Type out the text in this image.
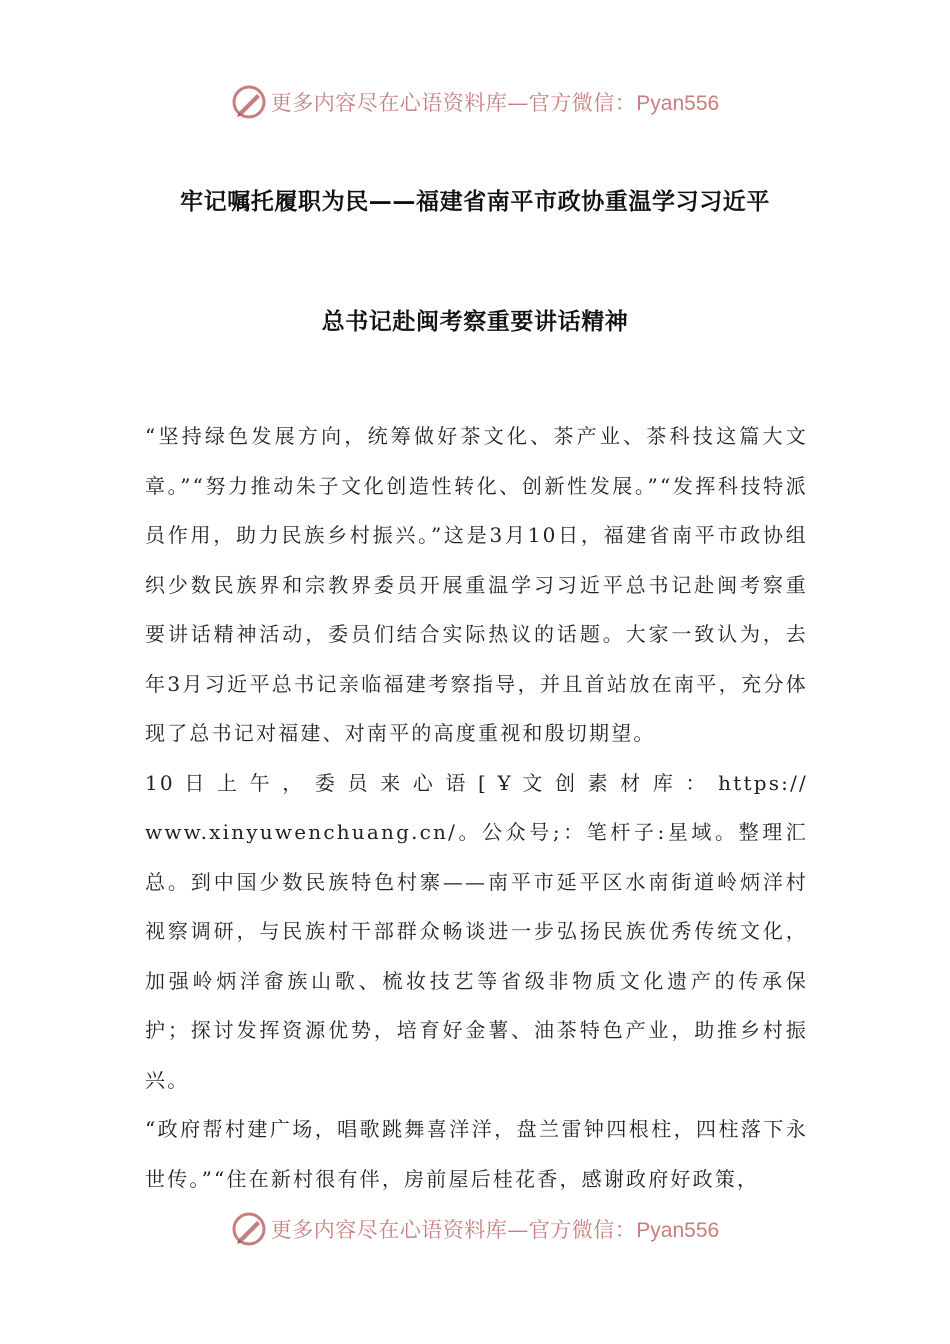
更多内容尽在心语资料库—官方微信：Pyan556
牢记嘱托履职为民——福建省南平市政协重温学习习近平
总书记赴闽考察重要讲话精神

“坚持绿色发展方向，统筹做好茶文化、茶产业、茶科技这篇大文章。”“努力推动朱子文化创造性转化、创新性发展。”“发挥科技特派员作用，助力民族乡村振兴。”这是3月10日，福建省南平市政协组织少数民族界和宗教界委员开展重温学习习近平总书记赴闽考察重要讲话精神活动，委员们结合实际热议的话题。大家一致认为，去年3月习近平总书记亲临福建考察指导，并且首站放在南平，充分体现了总书记对福建、对南平的高度重视和殷切期望。

10 日 上 午 ， 委 员 来 心 语 [ Ұ 文 创 素 材 库 ： https:// www.xinyuwenchuang.cn/。公众号;：笔杆子:星域。整理汇总。到中国少数民族特色村寨——南平市延平区水南街道岭炳洋村视察调研，与民族村干部群众畅谈进一步弘扬民族优秀传统文化，加强岭炳洋畲族山歌、梳妆技艺等省级非物质文化遗产的传承保护；探讨发挥资源优势，培育好金薯、油茶特色产业，助推乡村振兴。

“政府帮村建广场，唱歌跳舞喜洋洋，盘兰雷钟四根柱，四柱落下永世传。”“住在新村很有伴，房前屋后桂花香，感谢政府好政策，

更多内容尽在心语资料库—官方微信：Pyan556
